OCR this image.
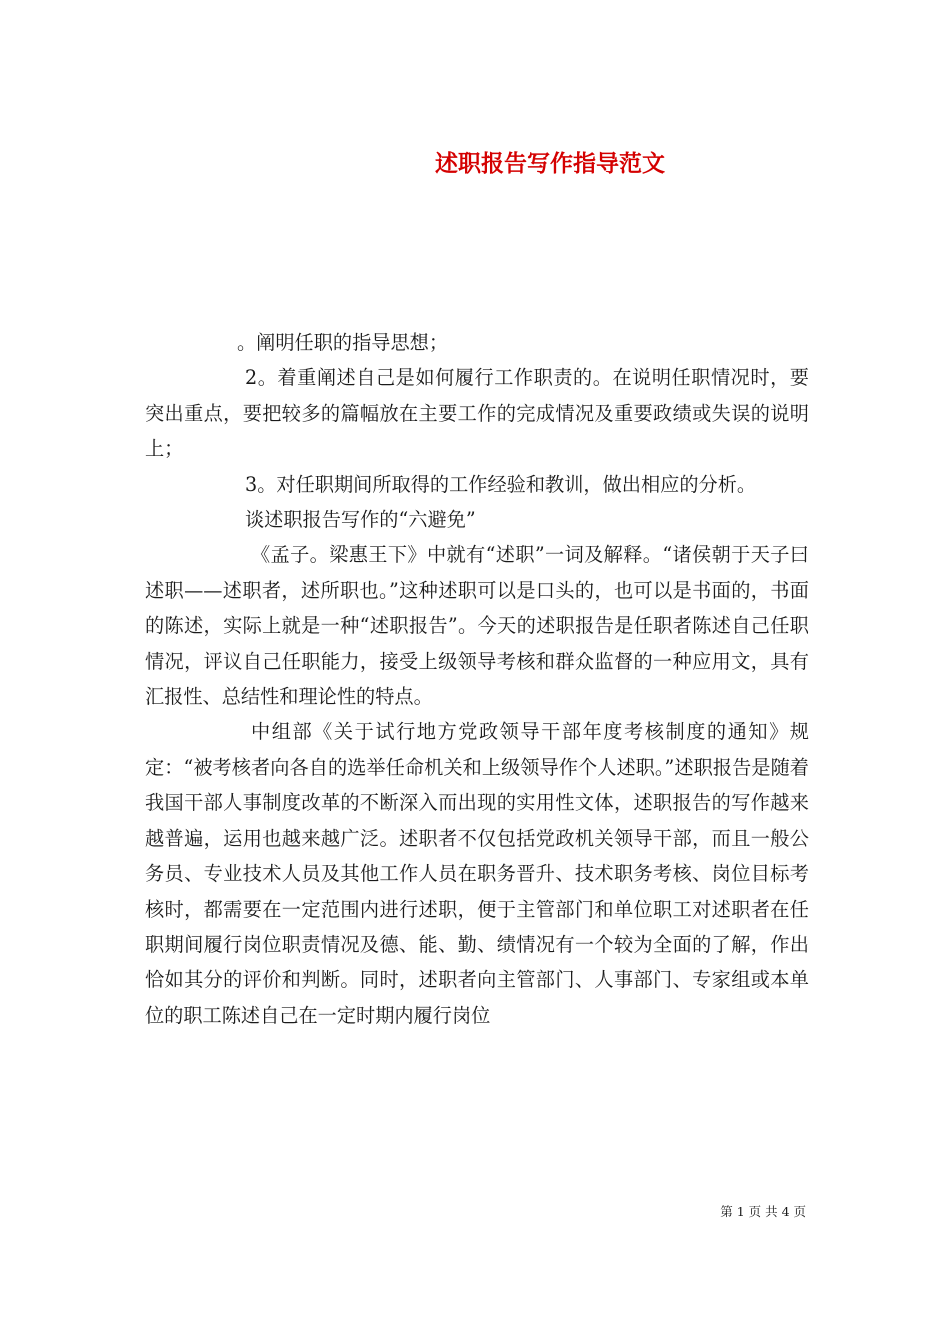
述职报告写作指导范文

。阐明任职的指导思想；

2。着重阐述自己是如何履行工作职责的。在说明任职情况时，要突出重点，要把较多的篇幅放在主要工作的完成情况及重要政绩或失误的说明上；

3。对任职期间所取得的工作经验和教训，做出相应的分析。

谈述职报告写作的“六避免”

《孟子。梁惠王下》中就有“述职”一词及解释。“诸侯朝于天子曰述职——述职者，述所职也。”这种述职可以是口头的，也可以是书面的，书面的陈述，实际上就是一种“述职报告”。今天的述职报告是任职者陈述自己任职情况，评议自己任职能力，接受上级领导考核和群众监督的一种应用文，具有汇报性、总结性和理论性的特点。

中组部《关于试行地方党政领导干部年度考核制度的通知》规定：“被考核者向各自的选举任命机关和上级领导作个人述职。”述职报告是随着我国干部人事制度改革的不断深入而出现的实用性文体，述职报告的写作越来越普遍，运用也越来越广泛。述职者不仅包括党政机关领导干部，而且一般公务员、专业技术人员及其他工作人员在职务晋升、技术职务考核、岗位目标考核时，都需要在一定范围内进行述职，便于主管部门和单位职工对述职者在任职期间履行岗位职责情况及德、能、勤、绩情况有一个较为全面的了解，作出恰如其分的评价和判断。同时，述职者向主管部门、人事部门、专家组或本单位的职工陈述自己在一定时期内履行岗位

第 1 页 共 4 页
